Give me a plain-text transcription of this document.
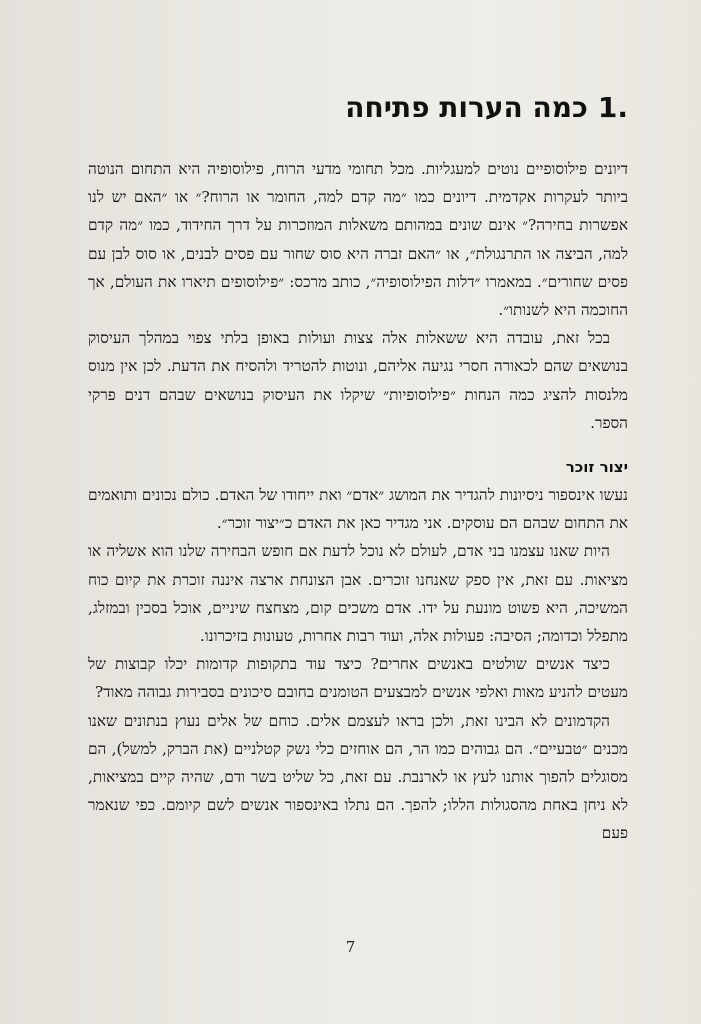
1.כמה הערות פתיחה

דיונים פילוסופיים נוטים למעגליות. מכל תחומי מדעי הרוח, פילוסופיה היא התחום הנוטה ביותר לעקרות אקדמית. דיונים כמו ״מה קדם למה, החומר או הרוח?״ או ״האם יש לנו אפשרות בחירה?״ אינם שונים במהותם משאלות המוזכרות על דרך החידוד, כמו ״מה קדם למה, הביצה או התרנגולת״, או ״האם זברה היא סוס שחור עם פסים לבנים, או סוס לבן עם פסים שחורים״. במאמרו ״דלות הפילוסופיה״, כותב מרכס: ״פילוסופים תיארו את העולם, אך החוכמה היא לשנותו״.

בכל זאת, עובדה היא ששאלות אלה צצות ועולות באופן בלתי צפוי במהלך העיסוק בנושאים שהם לכאורה חסרי נגיעה אליהם, ונוטות להטריד ולהסיח את הדעת. לכן אין מנוס מלנסות להציג כמה הנחות ״פילוסופיות״ שיקלו את העיסוק בנושאים שבהם דנים פרקי הספר.

יצור זוכר

נעשו אינספור ניסיונות להגדיר את המושג ״אדם״ ואת ייחודו של האדם. כולם נכונים ותואמים את התחום שבהם הם עוסקים. אני מגדיר כאן את האדם כ״יצור זוכר״.

היות שאנו עצמנו בני אדם, לעולם לא נוכל לדעת אם חופש הבחירה שלנו הוא אשליה או מציאות. עם זאת, אין ספק שאנחנו זוכרים. אבן הצונחת ארצה איננה זוכרת את קיום כוח המשיכה, היא פשוט מונעת על ידו. אדם משכים קום, מצחצח שיניים, אוכל בסכין ובמזלג, מתפלל וכדומה; הסיבה: פעולות אלה, ועוד רבות אחרות, טעונות בזיכרונו.

כיצד אנשים שולטים באנשים אחרים? כיצד עוד בתקופות קדומות יכלו קבוצות של מעטים להניע מאות ואלפי אנשים למבצעים הטומנים בחובם סיכונים בסבירות גבוהה מאוד?

הקדמונים לא הבינו זאת, ולכן בראו לעצמם אלים. כוחם של אלים נעוץ בנתונים שאנו מכנים ״טבעיים״. הם גבוהים כמו הר, הם אוחזים כלי נשק קטלניים (את הברק, למשל), הם מסוגלים להפוך אותנו לעץ או לארנבת. עם זאת, כל שליט בשר ודם, שהיה קיים במציאות, לא ניחן באחת מהסגולות הללו; להפך. הם נתלו באינספור אנשים לשם קיומם. כפי שנאמר פעם

7
